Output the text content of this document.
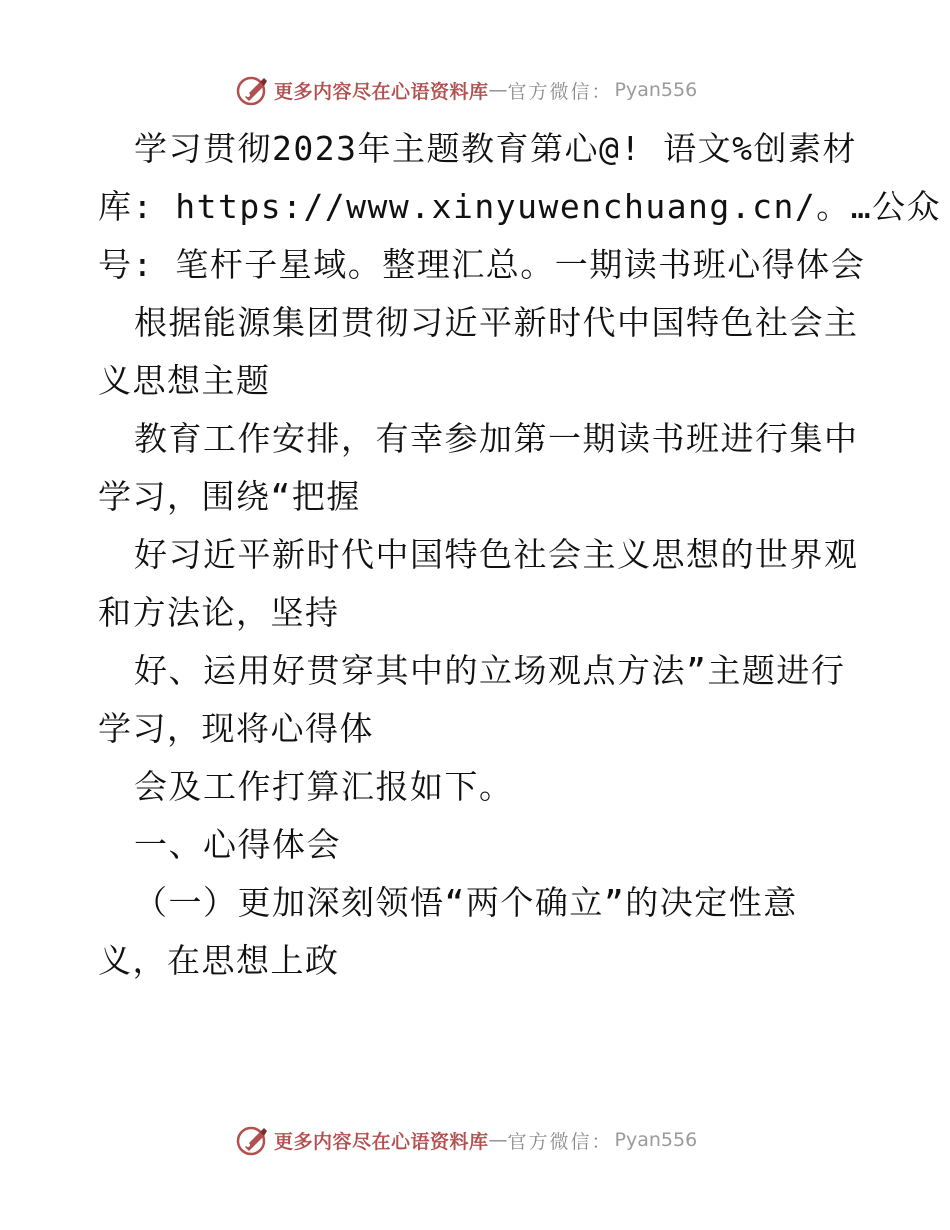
更多内容尽在心语资料库 — 官方微信： Pyan556
学习贯彻2023年主题教育第心@! 语文%创素材
库: https://www.xinyuwenchuang.cn/。…公众
号: 笔杆子星域。整理汇总。一期读书班心得体会
根据能源集团贯彻习近平新时代中国特色社会主
义思想主题
教育工作安排，有幸参加第一期读书班进行集中
学习，围绕“把握
好习近平新时代中国特色社会主义思想的世界观
和方法论，坚持
好、运用好贯穿其中的立场观点方法”主题进行
学习，现将心得体
会及工作打算汇报如下。
一、心得体会
（一）更加深刻领悟“两个确立”的决定性意
义，在思想上政
更多内容尽在心语资料库 — 官方微信： Pyan556
